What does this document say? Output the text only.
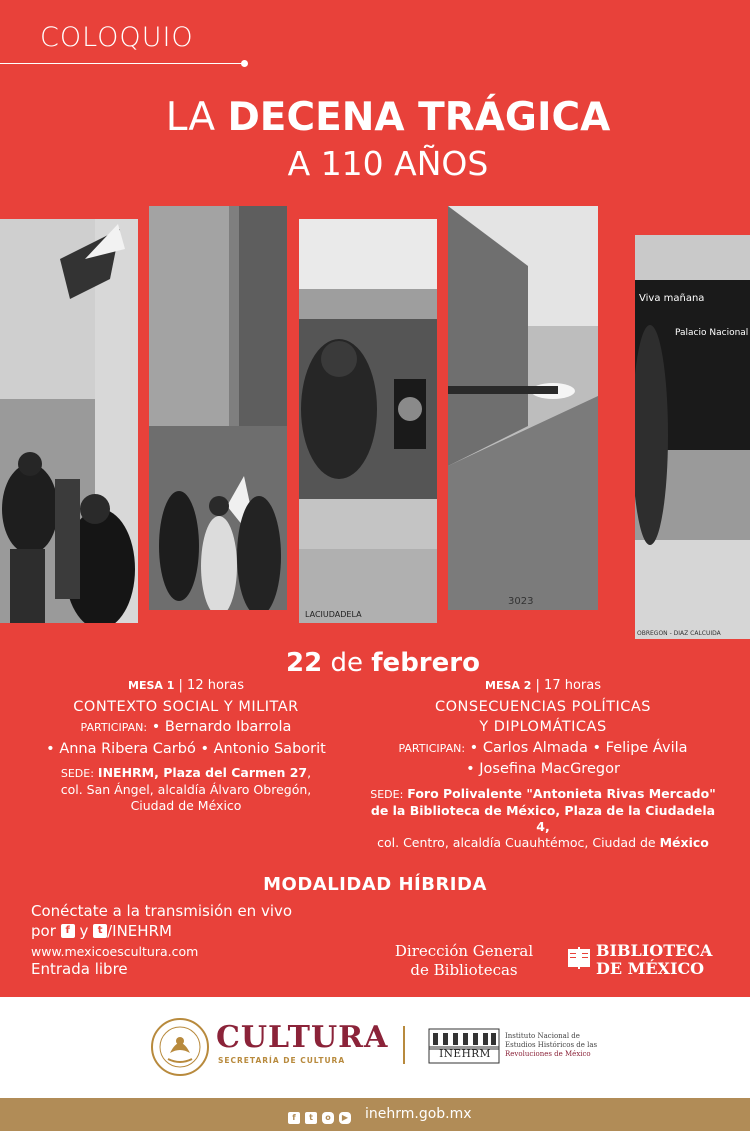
COLOQUIO
LA DECENA TRÁGICA
A 110 AÑOS
LACIUDADELA
3023
Viva mañana
Palacio Nacional
OBREGON - DIAZ CALCUIDA
22 de febrero
MESA 1 | 12 horas
CONTEXTO SOCIAL Y MILITAR
PARTICIPAN: • Bernardo Ibarrola
• Anna Ribera Carbó • Antonio Saborit
SEDE: INEHRM, Plaza del Carmen 27,
col. San Ángel, alcaldía Álvaro Obregón,
Ciudad de México
MESA 2 | 17 horas
CONSECUENCIAS POLÍTICAS
Y DIPLOMÁTICAS
PARTICIPAN: • Carlos Almada • Felipe Ávila
• Josefina MacGregor
SEDE: Foro Polivalente "Antonieta Rivas Mercado"
de la Biblioteca de México, Plaza de la Ciudadela 4,
col. Centro, alcaldía Cuauhtémoc, Ciudad de México
MODALIDAD HÍBRIDA
Conéctate a la transmisión en vivo
por f y t /INEHRM
www.mexicoescultura.com
Entrada libre
Dirección General
de Bibliotecas
BIBLIOTECA
DE MÉXICO
CULTURA
SECRETARÍA DE CULTURA
INEHRM
Instituto Nacional de
Estudios Históricos de las
Revoluciones de México
f	t	o	▶ inehrm.gob.mx
